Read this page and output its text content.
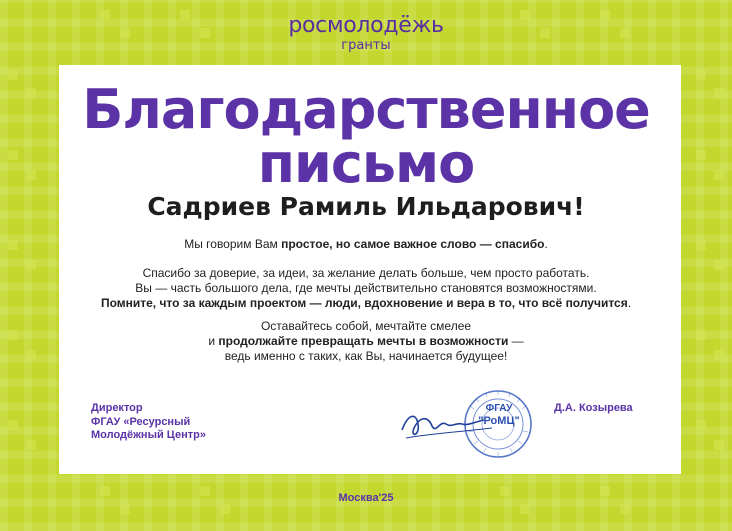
росмолодёжь
гранты
Благодарственное
письмо
Садриев Рамиль Ильдарович!
Мы говорим Вам простое, но самое важное слово — спасибо.
Спасибо за доверие, за идеи, за желание делать больше, чем просто работать.
Вы — часть большого дела, где мечты действительно становятся возможностями.
Помните, что за каждым проектом — люди, вдохновение и вера в то, что всё получится.
Оставайтесь собой, мечтайте смелее
и продолжайте превращать мечты в возможности —
ведь именно с таких, как Вы, начинается будущее!
Директор
ФГАУ «Ресурсный
Молодёжный Центр»
ФГАУ
"РоМЦ"
Д.А. Козырева
Москва'25
